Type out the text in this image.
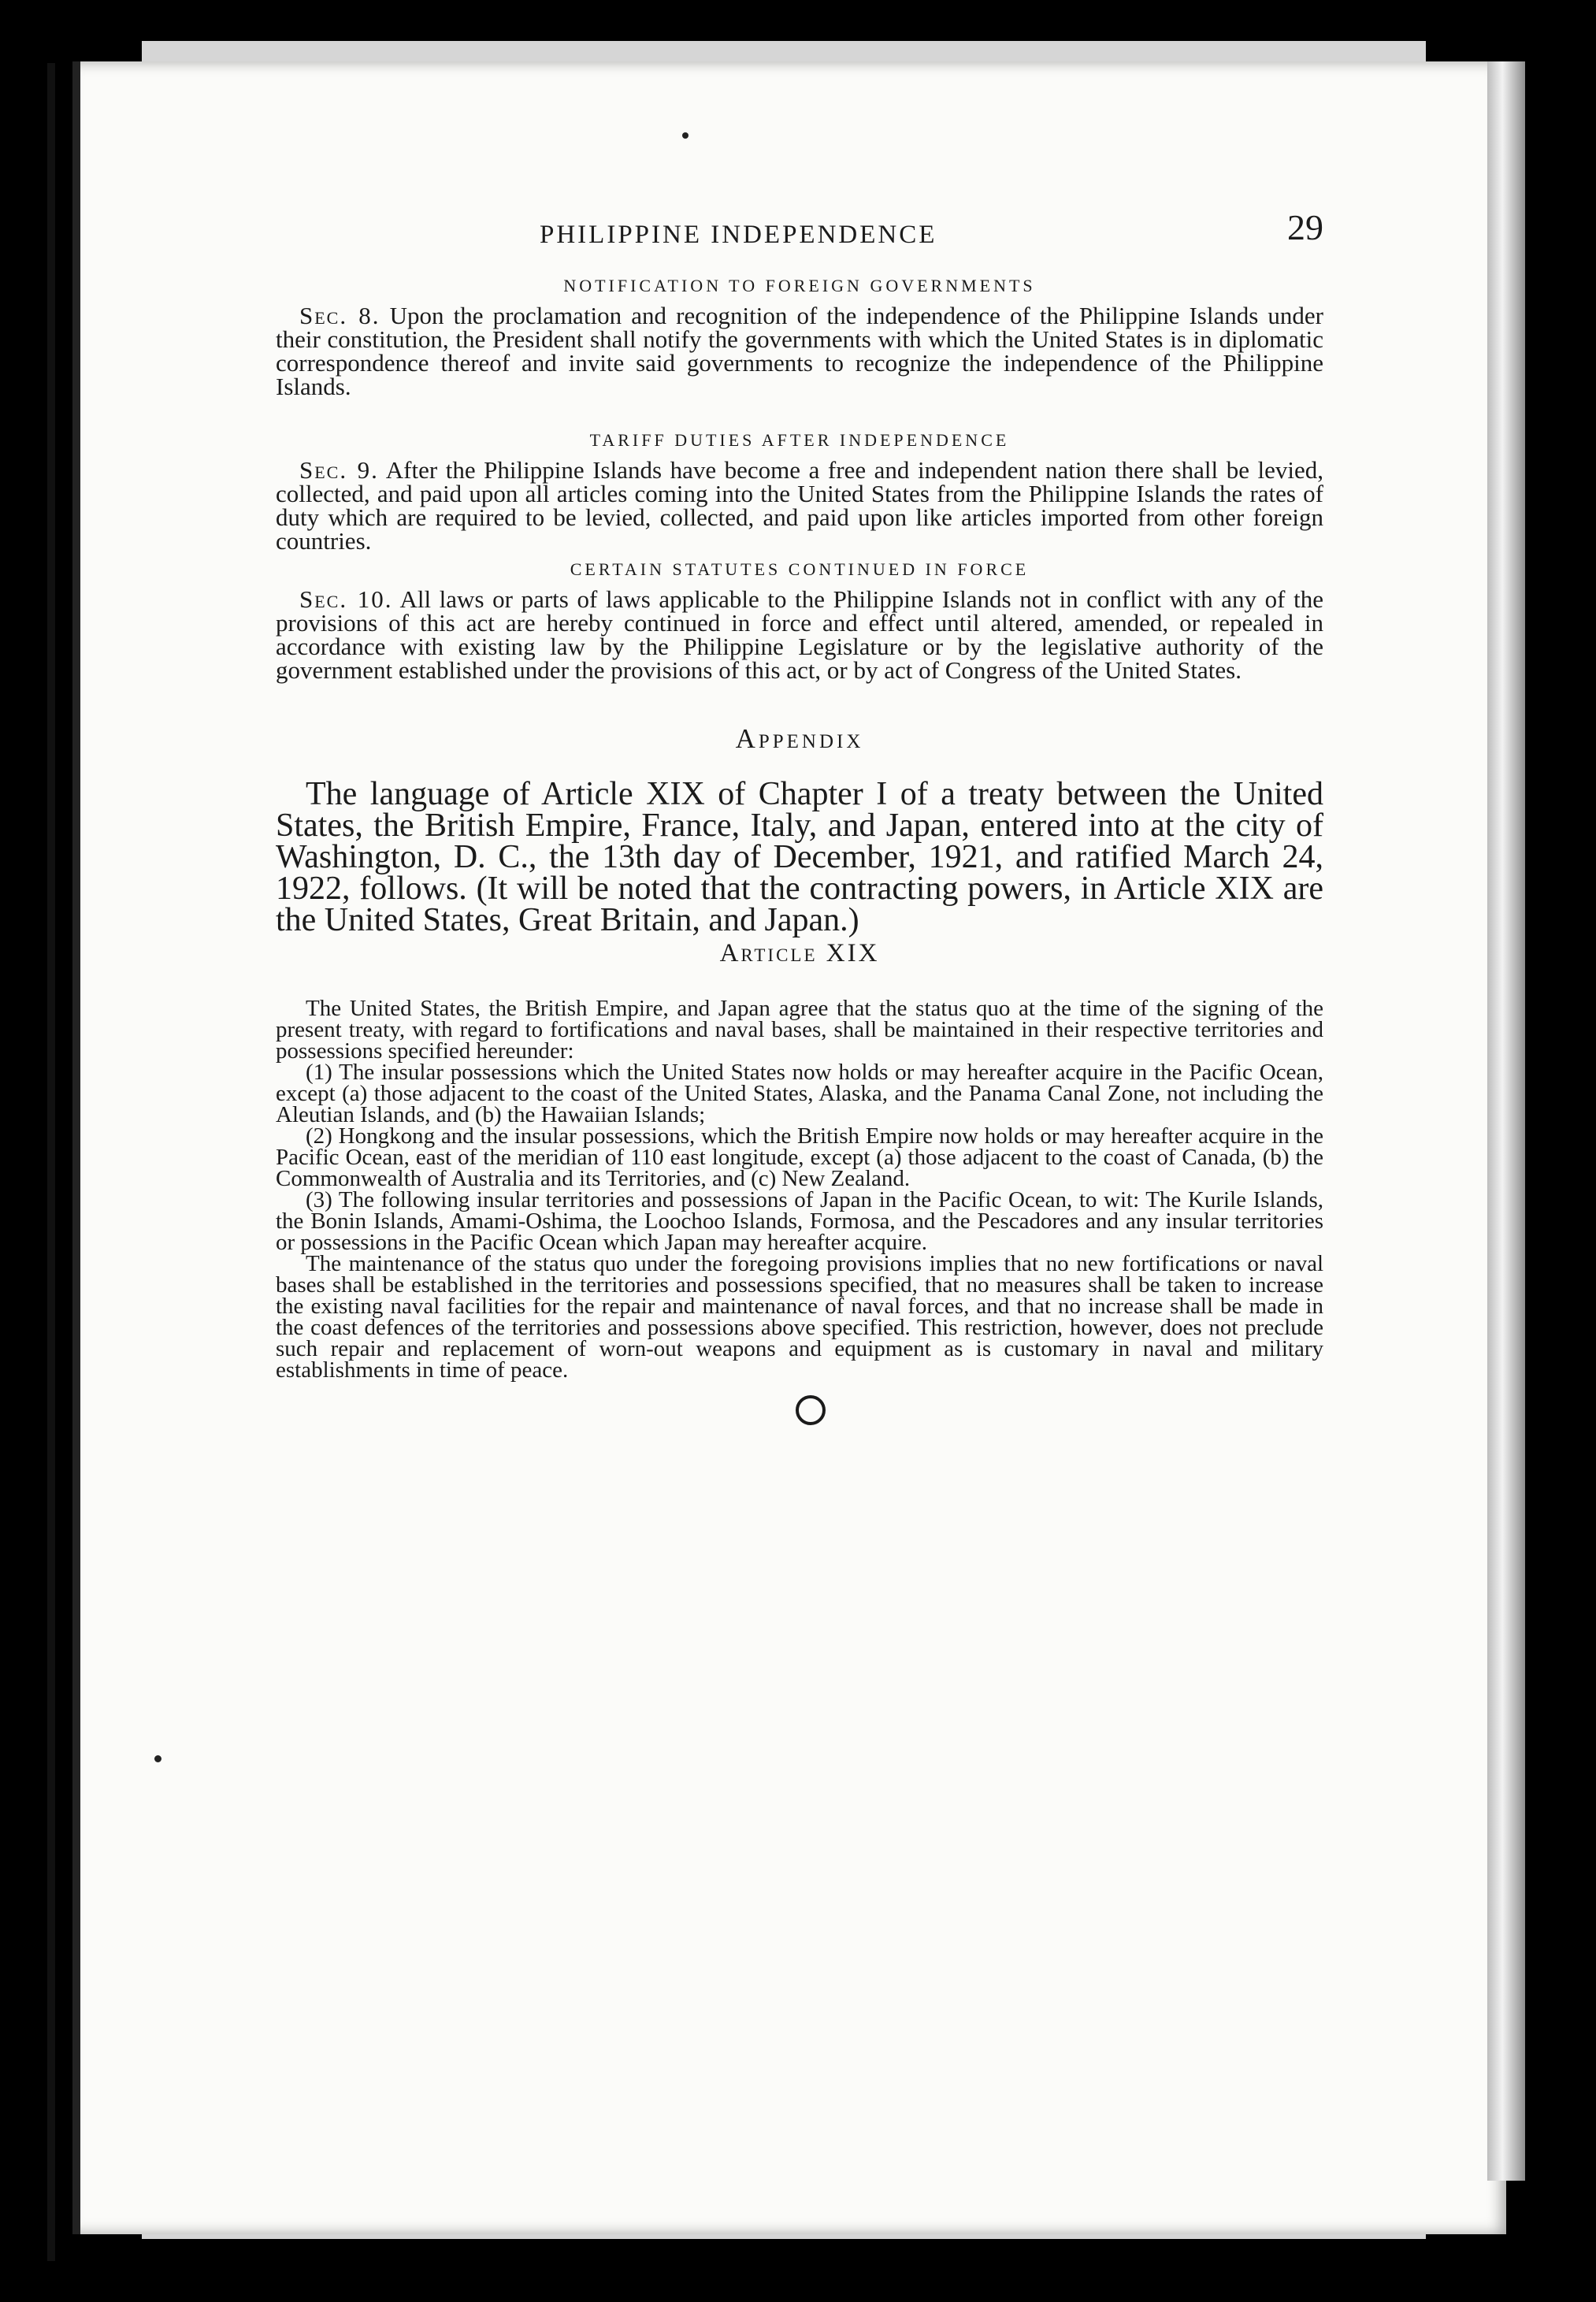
PHILIPPINE INDEPENDENCE	29
NOTIFICATION TO FOREIGN GOVERNMENTS

Sec. 8. Upon the proclamation and recognition of the independence of the Philippine Islands under their constitution, the President shall notify the governments with which the United States is in diplomatic correspondence thereof and invite said governments to recognize the independence of the Philippine Islands.

TARIFF DUTIES AFTER INDEPENDENCE

Sec. 9. After the Philippine Islands have become a free and independent nation there shall be levied, collected, and paid upon all articles coming into the United States from the Philippine Islands the rates of duty which are required to be levied, collected, and paid upon like articles imported from other foreign countries.

CERTAIN STATUTES CONTINUED IN FORCE

Sec. 10. All laws or parts of laws applicable to the Philippine Islands not in conflict with any of the provisions of this act are hereby continued in force and effect until altered, amended, or repealed in accordance with existing law by the Philippine Legislature or by the legislative authority of the government established under the provisions of this act, or by act of Congress of the United States.

Appendix

The language of Article XIX of Chapter I of a treaty between the United States, the British Empire, France, Italy, and Japan, entered into at the city of Washington, D. C., the 13th day of December, 1921, and ratified March 24, 1922, follows. (It will be noted that the contracting powers, in Article XIX are the United States, Great Britain, and Japan.)

Article XIX

The United States, the British Empire, and Japan agree that the status quo at the time of the signing of the present treaty, with regard to fortifications and naval bases, shall be maintained in their respective territories and possessions specified hereunder:

(1) The insular possessions which the United States now holds or may hereafter acquire in the Pacific Ocean, except (a) those adjacent to the coast of the United States, Alaska, and the Panama Canal Zone, not including the Aleutian Islands, and (b) the Hawaiian Islands;

(2) Hongkong and the insular possessions, which the British Empire now holds or may hereafter acquire in the Pacific Ocean, east of the meridian of 110 east longitude, except (a) those adjacent to the coast of Canada, (b) the Commonwealth of Australia and its Territories, and (c) New Zealand.

(3) The following insular territories and possessions of Japan in the Pacific Ocean, to wit: The Kurile Islands, the Bonin Islands, Amami-Oshima, the Loochoo Islands, Formosa, and the Pescadores and any insular territories or possessions in the Pacific Ocean which Japan may hereafter acquire.

The maintenance of the status quo under the foregoing provisions implies that no new fortifications or naval bases shall be established in the territories and possessions specified, that no measures shall be taken to increase the existing naval facilities for the repair and maintenance of naval forces, and that no increase shall be made in the coast defences of the territories and possessions above specified. This restriction, however, does not preclude such repair and replacement of worn-out weapons and equipment as is customary in naval and military establishments in time of peace.
